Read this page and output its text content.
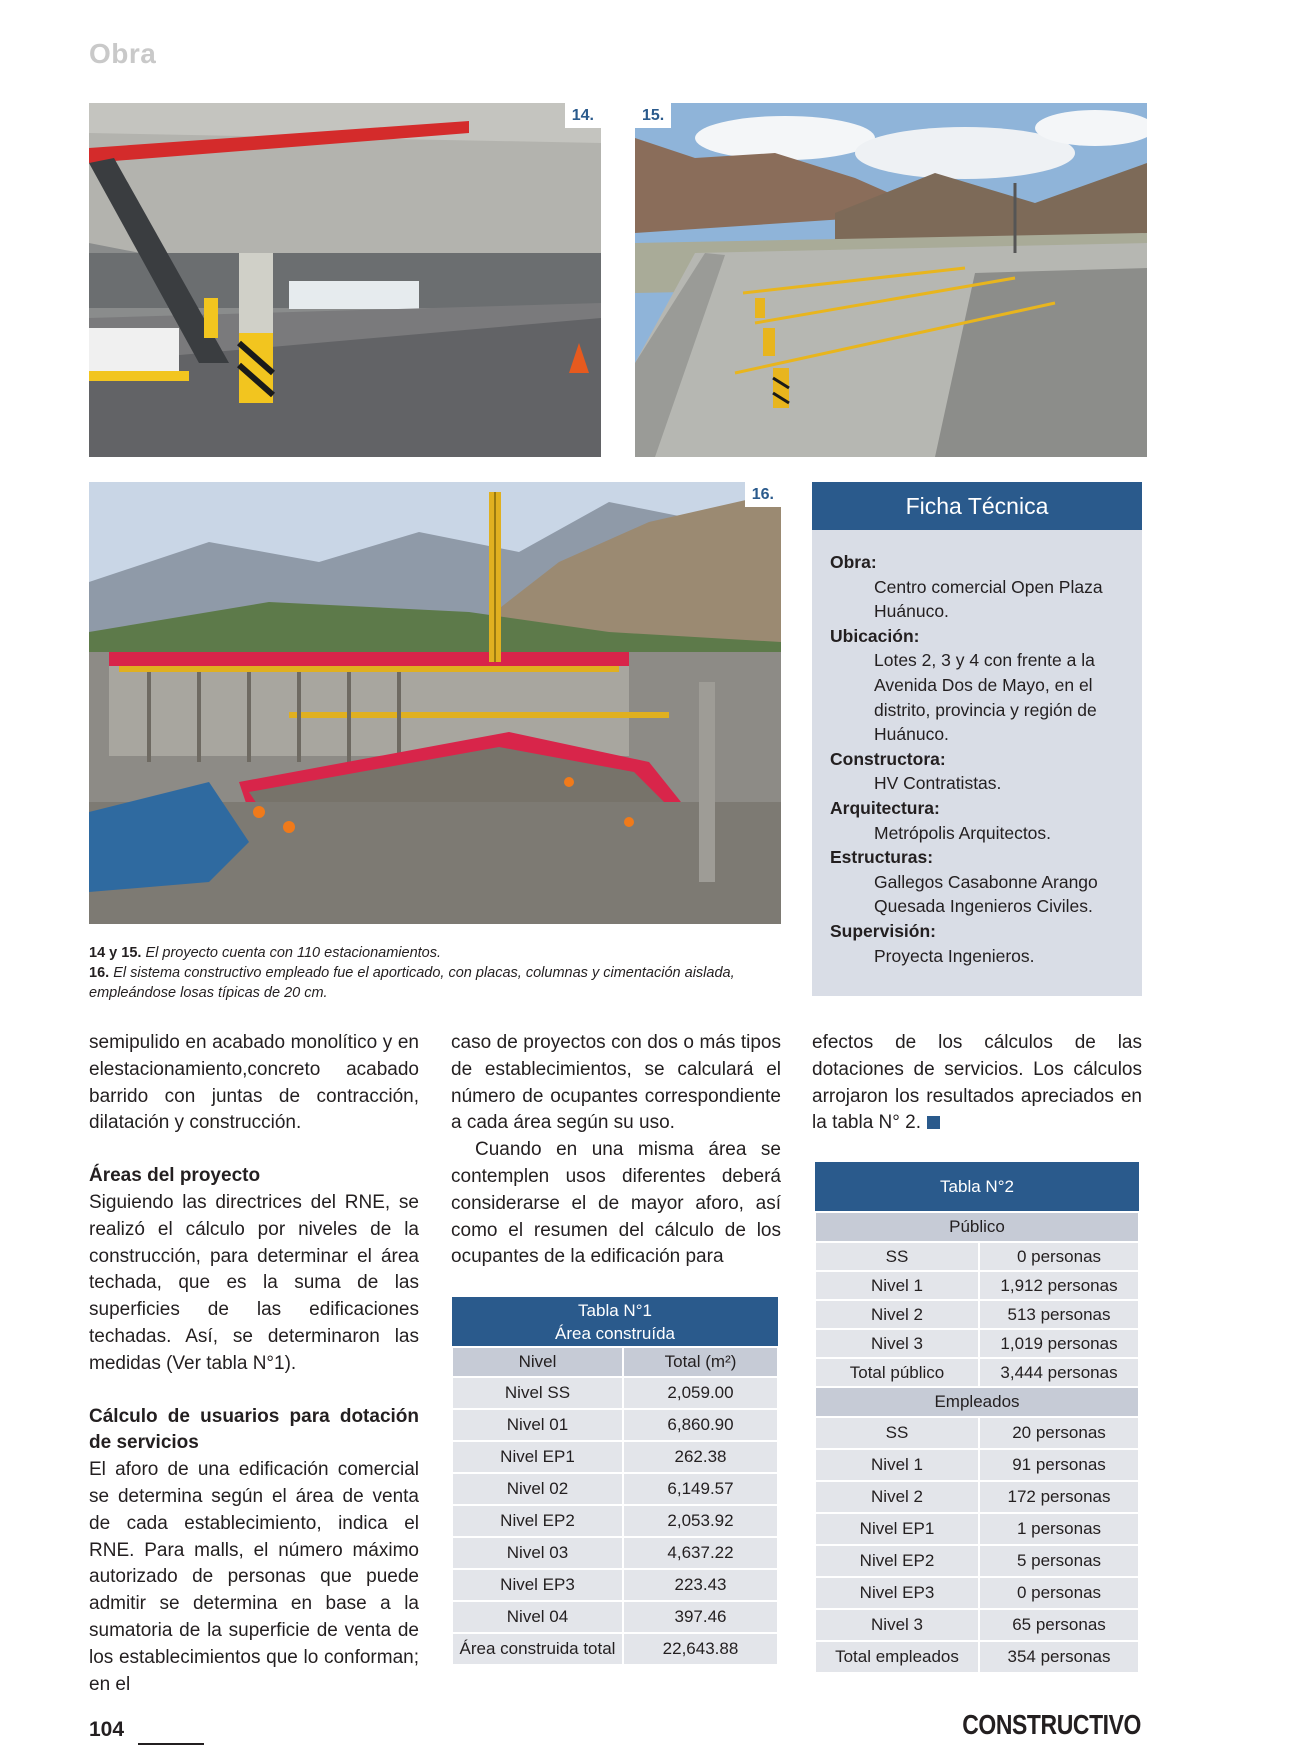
Obra
14.	15.
16.
14 y 15. El proyecto cuenta con 110 estacionamientos.
16. El sistema constructivo empleado fue el aporticado, con placas, columnas y cimentación aislada, empleándose losas típicas de 20 cm.
Ficha Técnica
Obra:
Centro comercial Open Plaza Huánuco.
Ubicación:
Lotes 2, 3 y 4 con frente a la Avenida Dos de Mayo, en el distrito, provincia y región de Huánuco.
Constructora:
HV Contratistas.
Arquitectura:
Metrópolis Arquitectos.
Estructuras:
Gallegos Casabonne Arango Quesada Ingenieros Civiles.
Supervisión:
Proyecta Ingenieros.

semipulido en acabado monolítico y en elestacionamiento,concreto acabado barrido con juntas de contracción, dilatación y construcción.

Áreas del proyecto

Siguiendo las directrices del RNE, se realizó el cálculo por niveles de la construcción, para determinar el área techada, que es la suma de las superficies de las edificaciones techadas. Así, se determinaron las medidas (Ver tabla N°1).

Cálculo de usuarios para dotación de servicios

El aforo de una edificación comercial se determina según el área de venta de cada establecimiento, indica el RNE. Para malls, el número máximo autorizado de personas que puede admitir se determina en base a la sumatoria de la superficie de venta de los establecimientos que lo conforman; en el

caso de proyectos con dos o más tipos de establecimientos, se calculará el número de ocupantes correspondiente a cada área según su uso.

Cuando en una misma área se contemplen usos diferentes deberá considerarse el de mayor aforo, así como el resumen del cálculo de los ocupantes de la edificación para

efectos de los cálculos de las dotaciones de servicios. Los cálculos arrojaron los resultados apreciados en la tabla N° 2.

Tabla N°1
Área construída	

Nivel	Total (m²)
Nivel SS	2,059.00
Nivel 01	6,860.90
Nivel EP1	262.38
Nivel 02	6,149.57
Nivel EP2	2,053.92
Nivel 03	4,637.22
Nivel EP3	223.43
Nivel 04	397.46
Área construida total	22,643.88
Tabla N°2	
Público	
SS	0 personas
Nivel 1	1,912 personas
Nivel 2	513 personas
Nivel 3	1,019 personas
Total público	3,444 personas
Empleados	
SS	20 personas
Nivel 1	91 personas
Nivel 2	172 personas
Nivel EP1	1 personas
Nivel EP2	5 personas
Nivel EP3	0 personas
Nivel 3	65 personas
Total empleados	354 personas
104	CONSTRUCTIVO
